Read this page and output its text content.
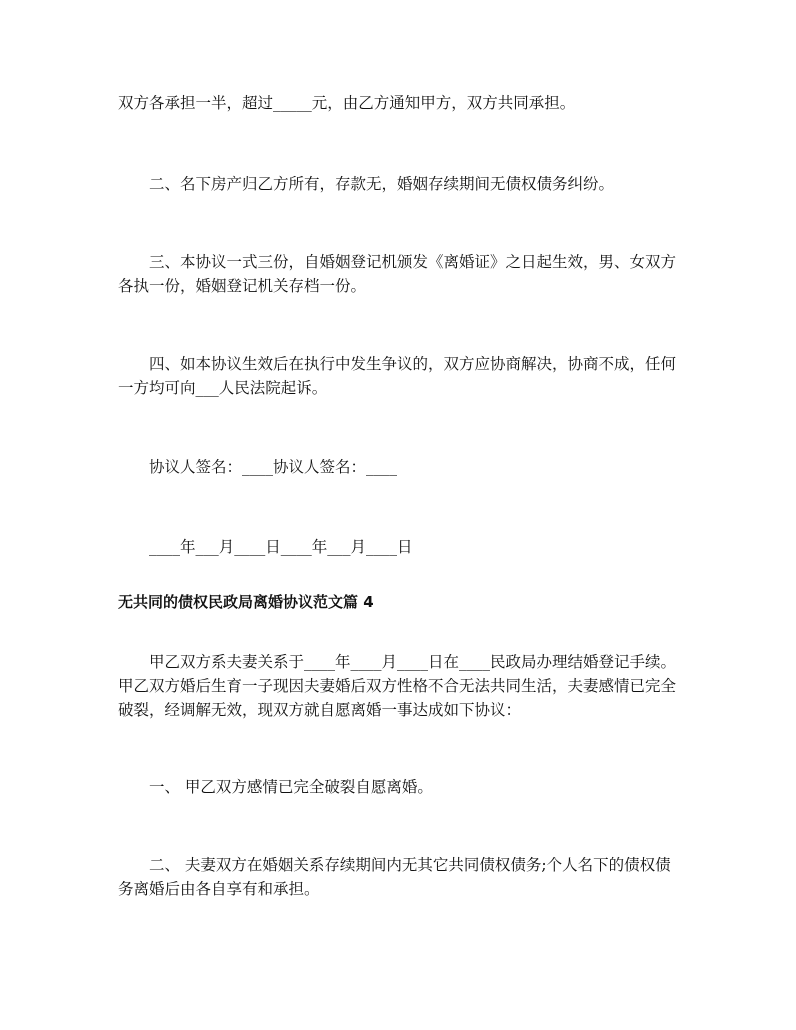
双方各承担一半，超过_____元，由乙方通知甲方，双方共同承担。

二、名下房产归乙方所有，存款无，婚姻存续期间无债权债务纠纷。

三、本协议一式三份，自婚姻登记机颁发《离婚证》之日起生效，男、女双方

各执一份，婚姻登记机关存档一份。

四、如本协议生效后在执行中发生争议的，双方应协商解决，协商不成，任何

一方均可向___人民法院起诉。

协议人签名：____协议人签名：____

____年___月____日____年___月____日

无共同的债权民政局离婚协议范文篇 4

甲乙双方系夫妻关系于____年____月____日在____民政局办理结婚登记手续。

甲乙双方婚后生育一子现因夫妻婚后双方性格不合无法共同生活，夫妻感情已完全

破裂，经调解无效，现双方就自愿离婚一事达成如下协议：

一、 甲乙双方感情已完全破裂自愿离婚。

二、 夫妻双方在婚姻关系存续期间内无其它共同债权债务;个人名下的债权债

务离婚后由各自享有和承担。
